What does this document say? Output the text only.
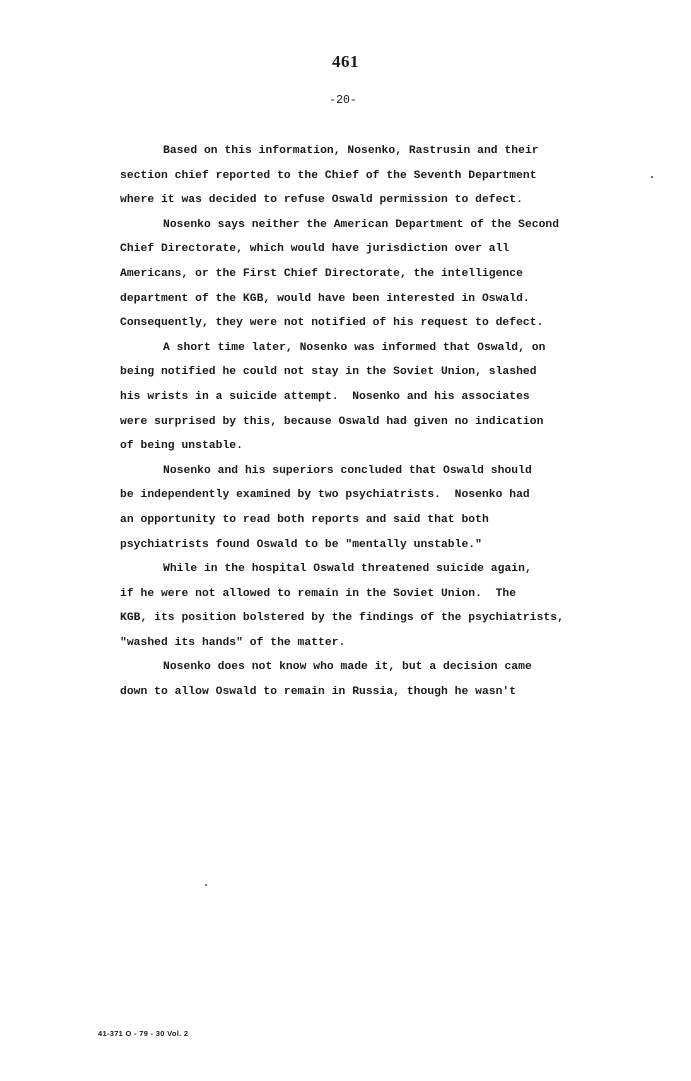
461
-20-
Based on this information, Nosenko, Rastrusin and their
section chief reported to the Chief of the Seventh Department
where it was decided to refuse Oswald permission to defect.
Nosenko says neither the American Department of the Second
Chief Directorate, which would have jurisdiction over all
Americans, or the First Chief Directorate, the intelligence
department of the KGB, would have been interested in Oswald.
Consequently, they were not notified of his request to defect.
A short time later, Nosenko was informed that Oswald, on
being notified he could not stay in the Soviet Union, slashed
his wrists in a suicide attempt.  Nosenko and his associates
were surprised by this, because Oswald had given no indication
of being unstable.
Nosenko and his superiors concluded that Oswald should
be independently examined by two psychiatrists.  Nosenko had
an opportunity to read both reports and said that both
psychiatrists found Oswald to be "mentally unstable."
While in the hospital Oswald threatened suicide again,
if he were not allowed to remain in the Soviet Union.  The
KGB, its position bolstered by the findings of the psychiatrists,
"washed its hands" of the matter.
Nosenko does not know who made it, but a decision came
down to allow Oswald to remain in Russia, though he wasn't
41-371 O - 79 - 30 Vol. 2
